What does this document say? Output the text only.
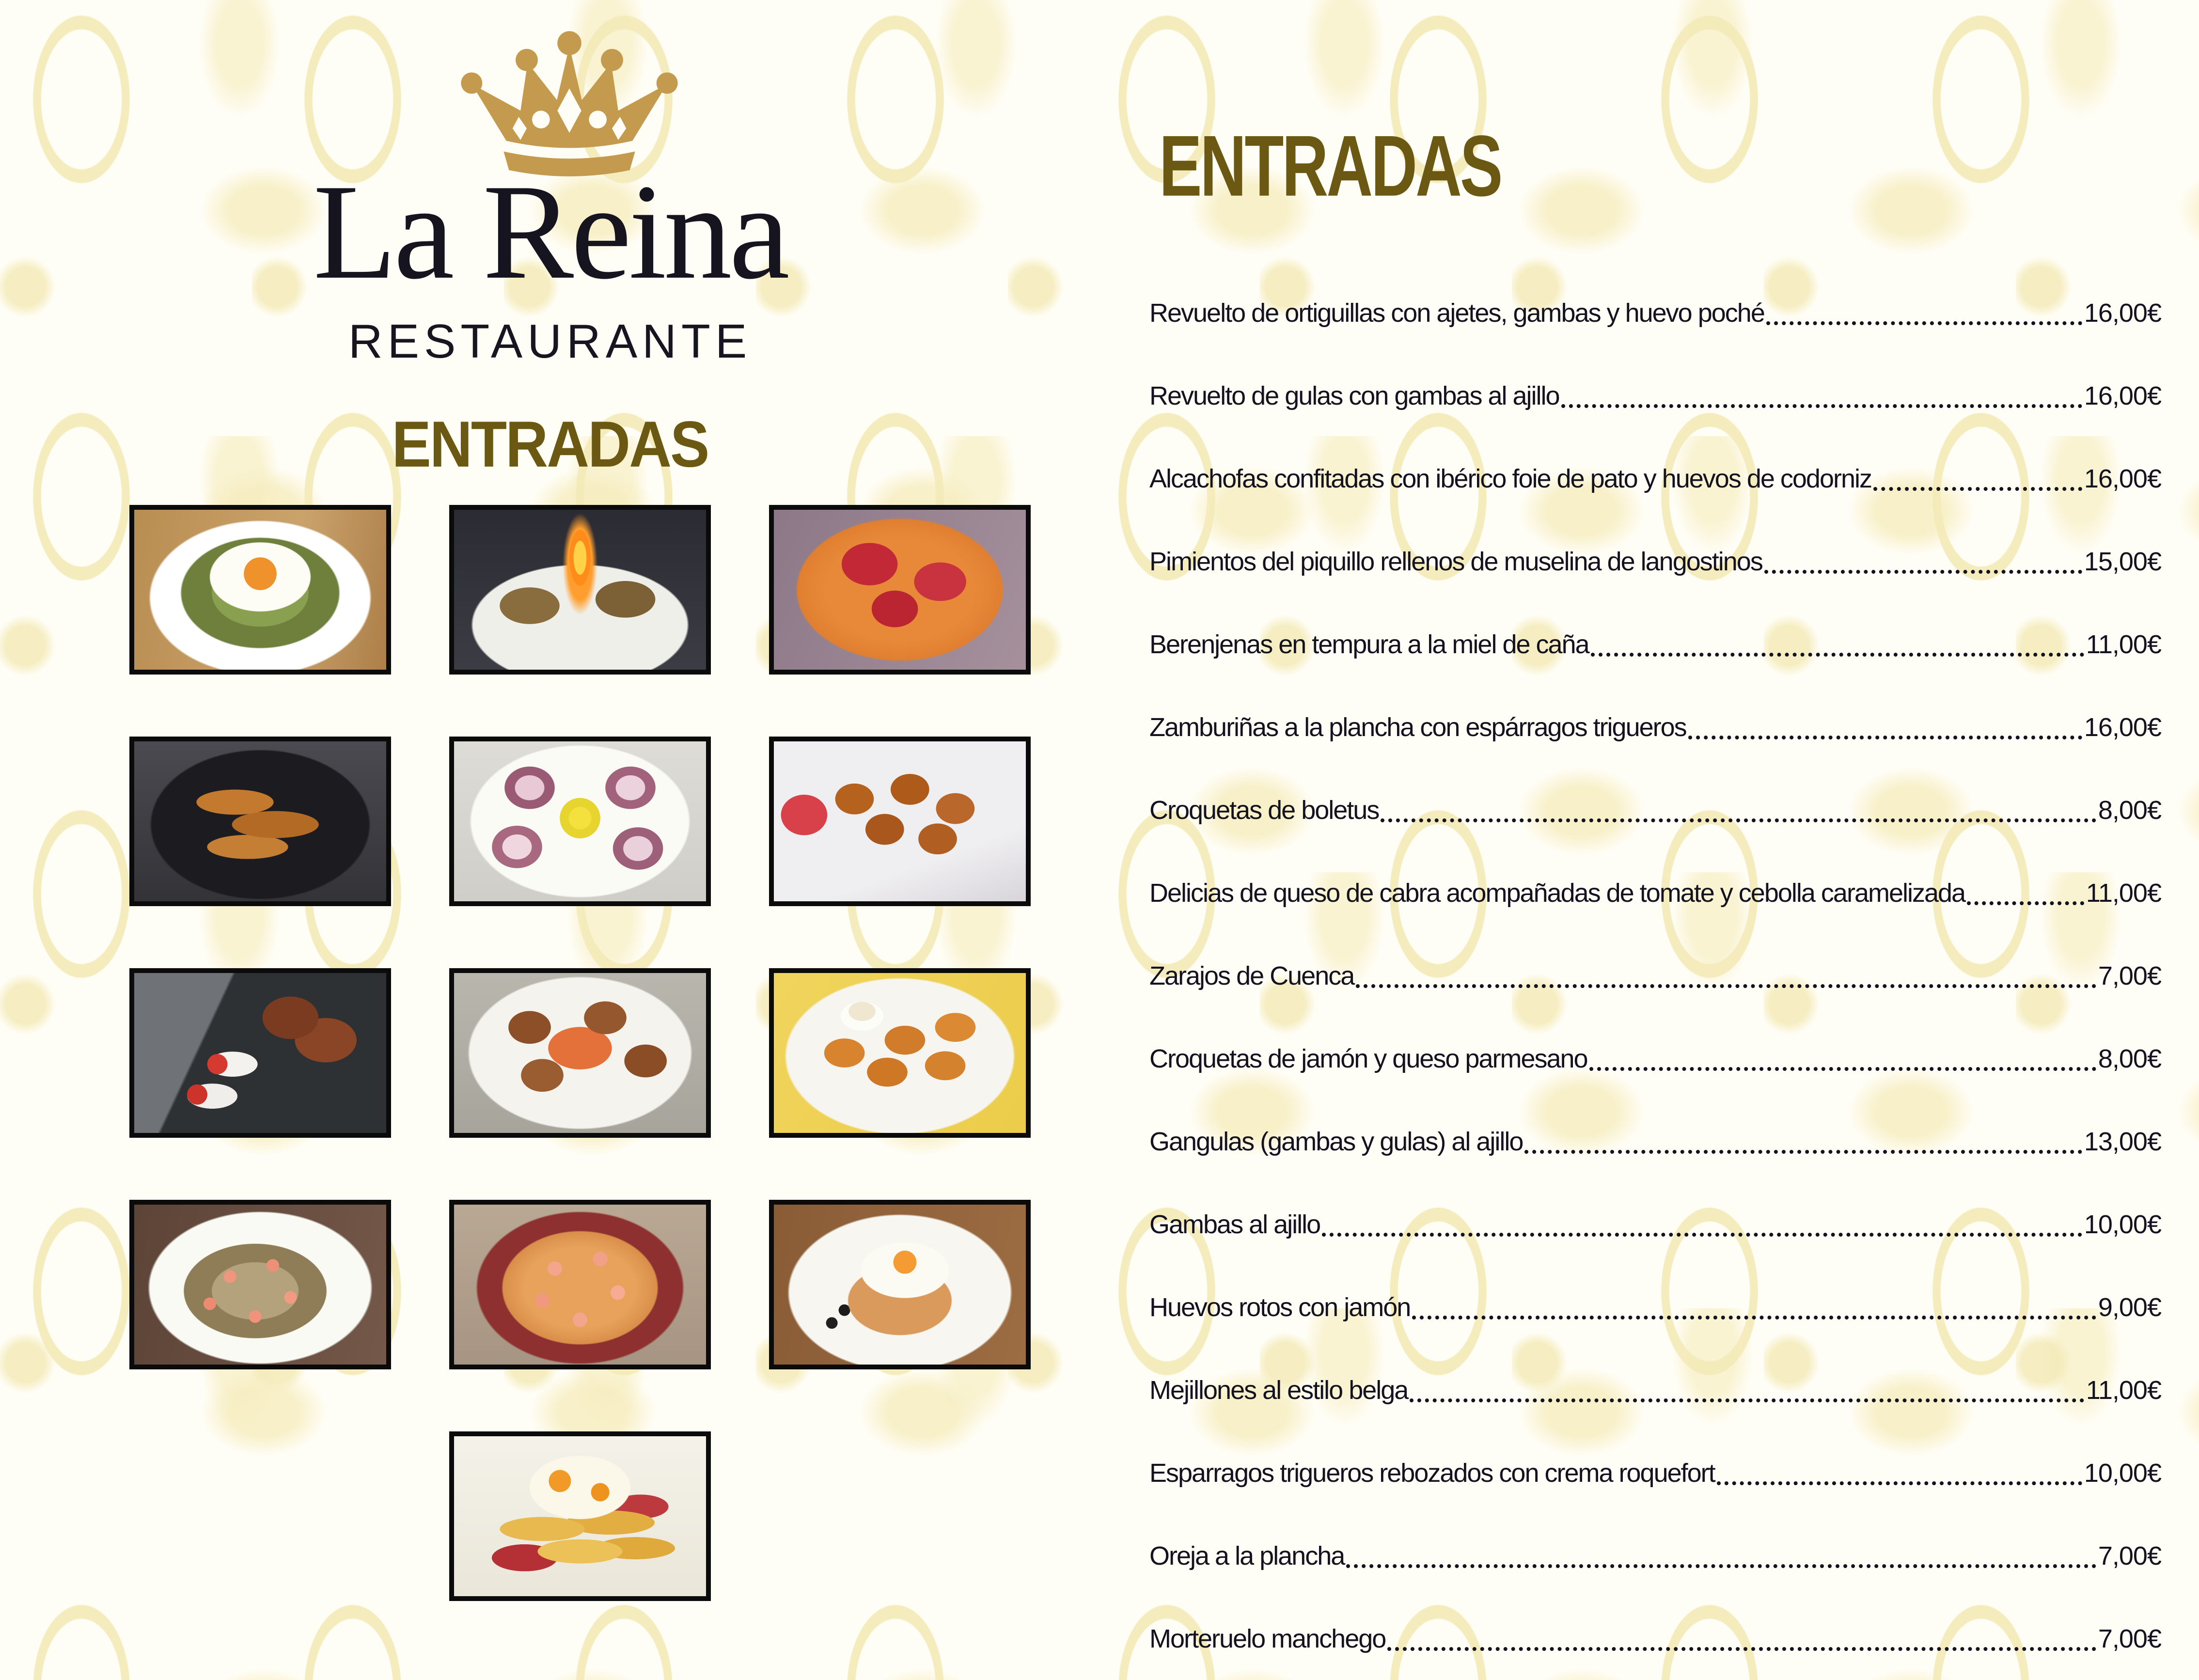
La Reina
RESTAURANTE
ENTRADAS
ENTRADAS
Revuelto de ortiguillas con ajetes, gambas y huevo poché	16,00€
Revuelto de gulas con gambas al ajillo	16,00€
Alcachofas confitadas con ibérico foie de pato y huevos de codorniz	16,00€
Pimientos del piquillo rellenos de muselina de langostinos	15,00€
Berenjenas en tempura a la miel de caña	11,00€
Zamburiñas a la plancha con espárragos trigueros	16,00€
Croquetas de boletus	8,00€
Delicias de queso de cabra acompañadas de tomate y cebolla caramelizada	11,00€
Zarajos de Cuenca	7,00€
Croquetas de jamón y queso parmesano	8,00€
Gangulas (gambas y gulas) al ajillo	13,00€
Gambas al ajillo	10,00€
Huevos rotos con jamón	9,00€
Mejillones al estilo belga	11,00€
Esparragos trigueros rebozados con crema roquefort	10,00€
Oreja a la plancha	7,00€
Morteruelo manchego	7,00€
